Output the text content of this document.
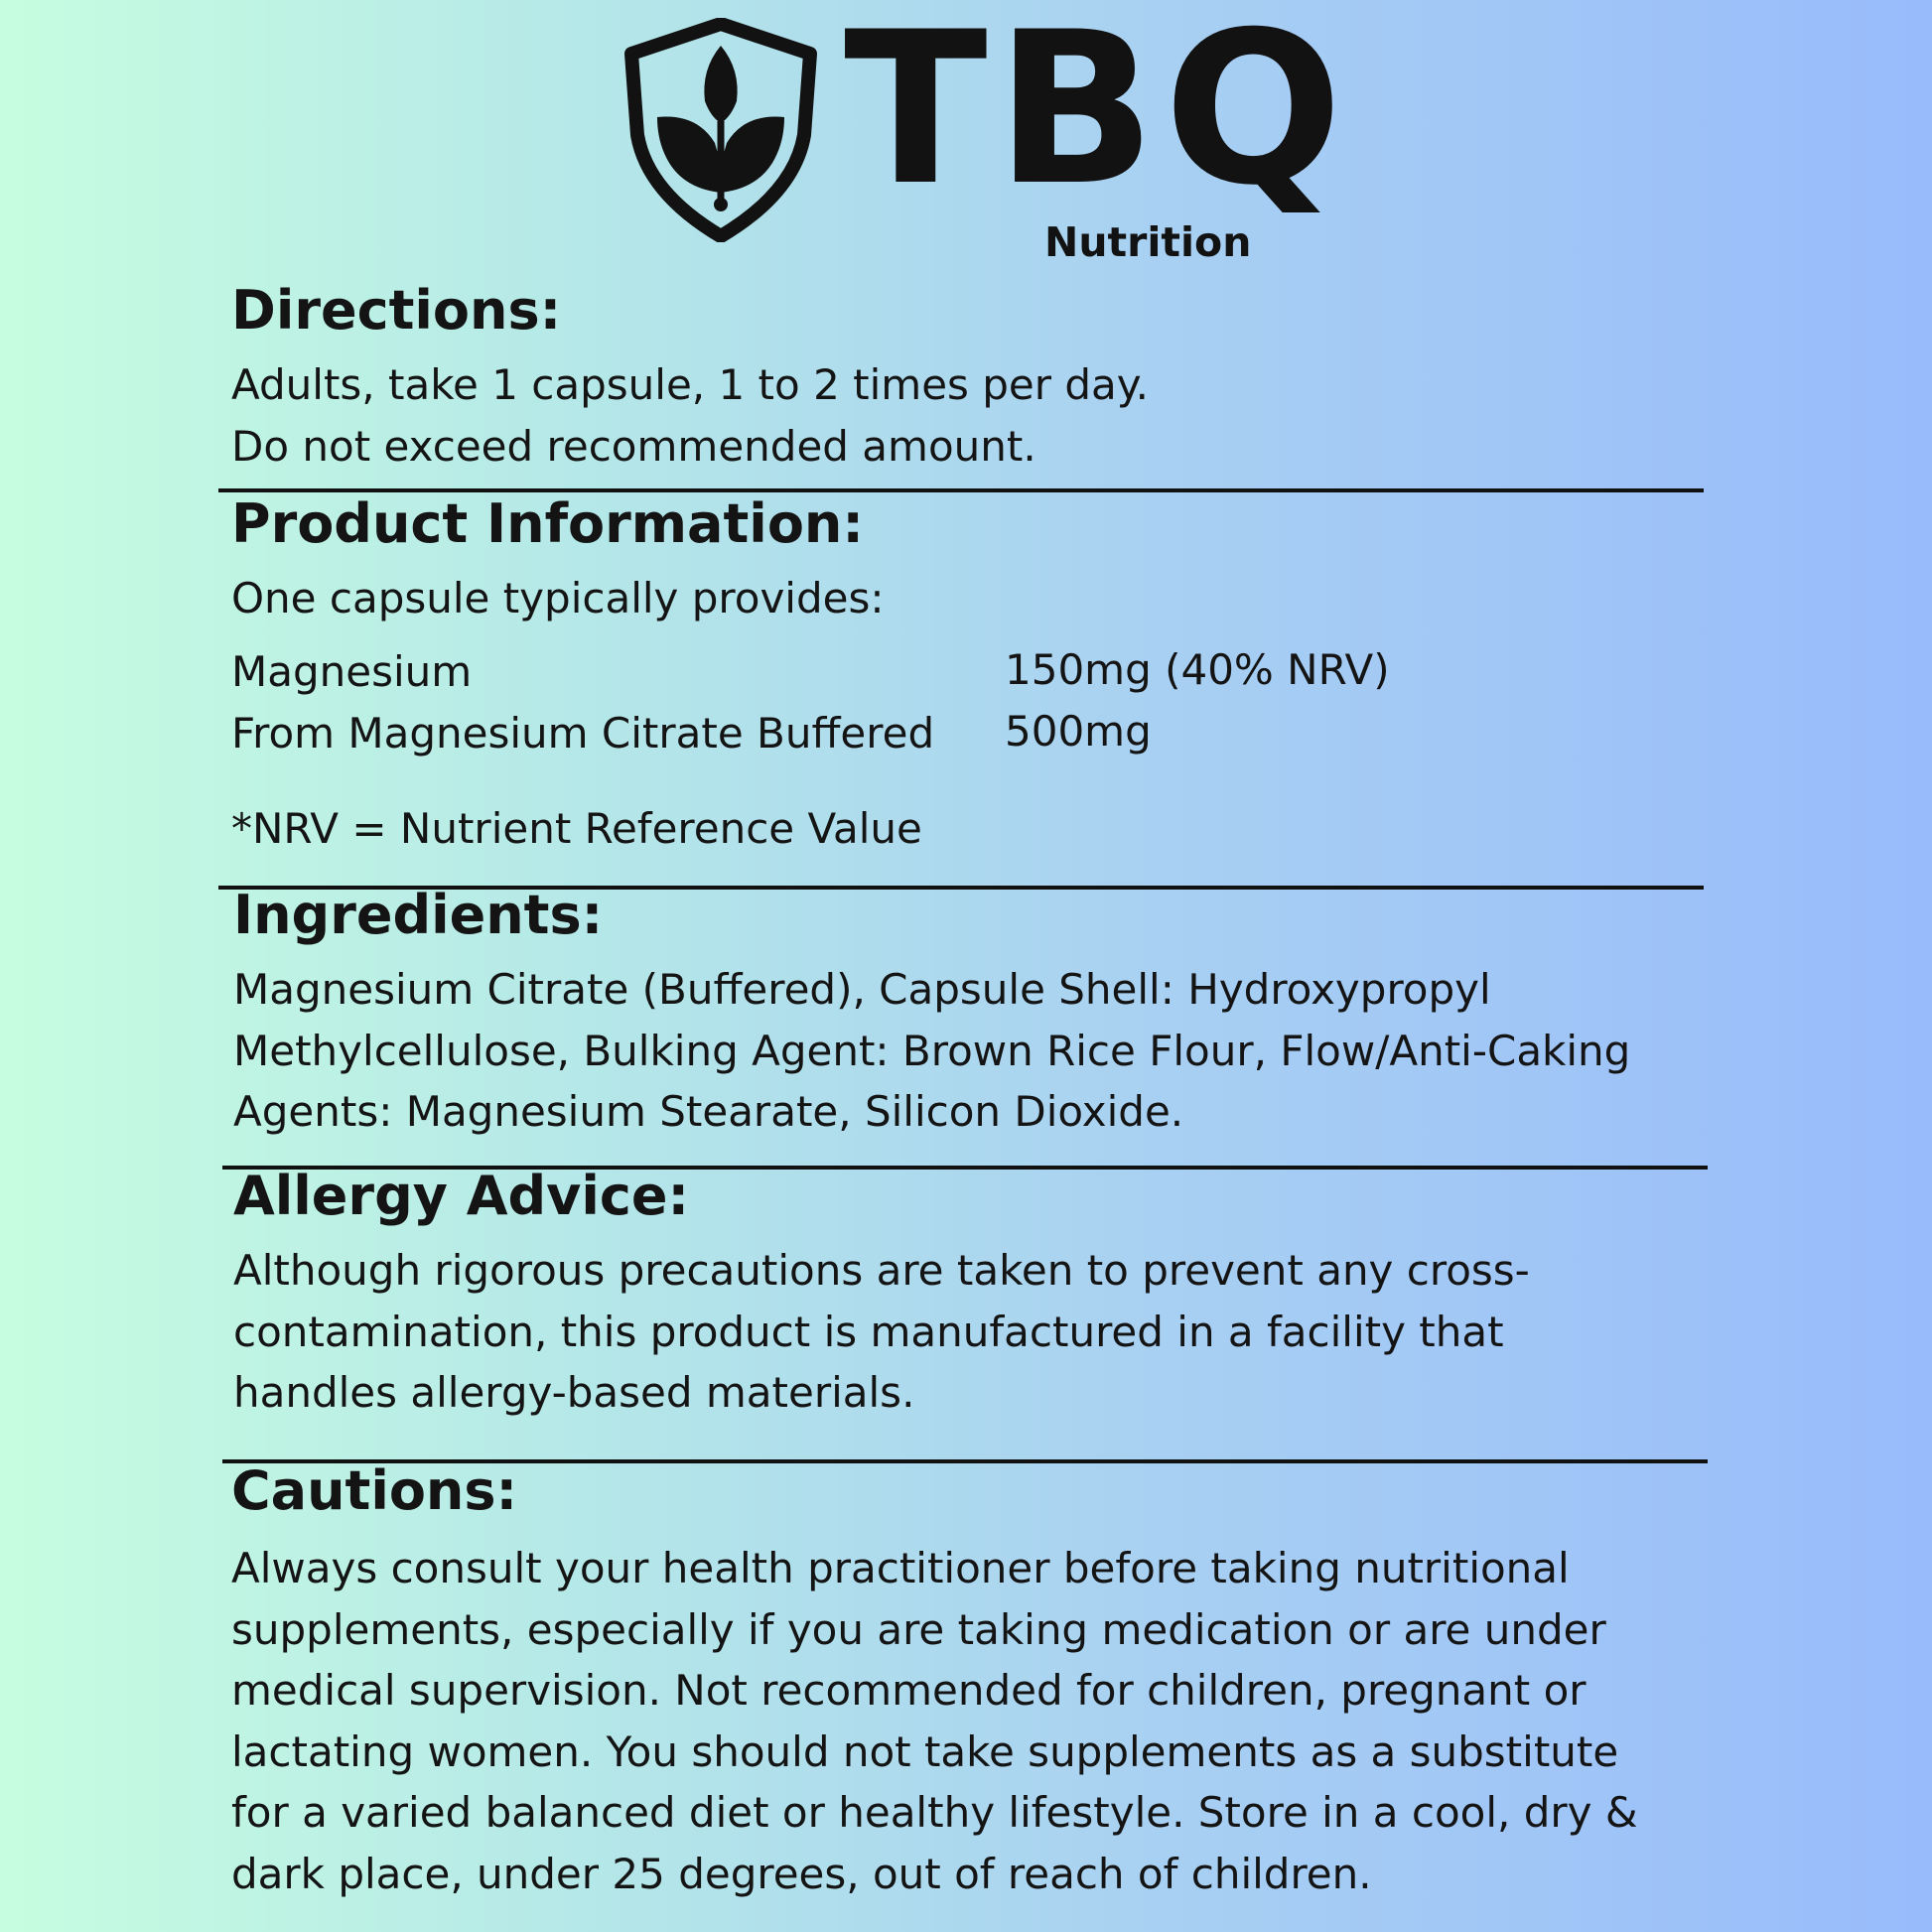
TBQ
Nutrition
Directions:
Adults, take 1 capsule, 1 to 2 times per day.
Do not exceed recommended amount.
Product Information:
One capsule typically provides:
Magnesium	150mg (40% NRV)
From Magnesium Citrate Buffered 500mg
*NRV = Nutrient Reference Value
Ingredients:
Magnesium Citrate (Buffered), Capsule Shell: Hydroxypropyl
Methylcellulose, Bulking Agent: Brown Rice Flour, Flow/Anti-Caking
Agents: Magnesium Stearate, Silicon Dioxide.
Allergy Advice:
Although rigorous precautions are taken to prevent any cross-
contamination, this product is manufactured in a facility that
handles allergy-based materials.
Cautions:
Always consult your health practitioner before taking nutritional
supplements, especially if you are taking medication or are under
medical supervision. Not recommended for children, pregnant or
lactating women. You should not take supplements as a substitute
for a varied balanced diet or healthy lifestyle. Store in a cool, dry &
dark place, under 25 degrees, out of reach of children.
